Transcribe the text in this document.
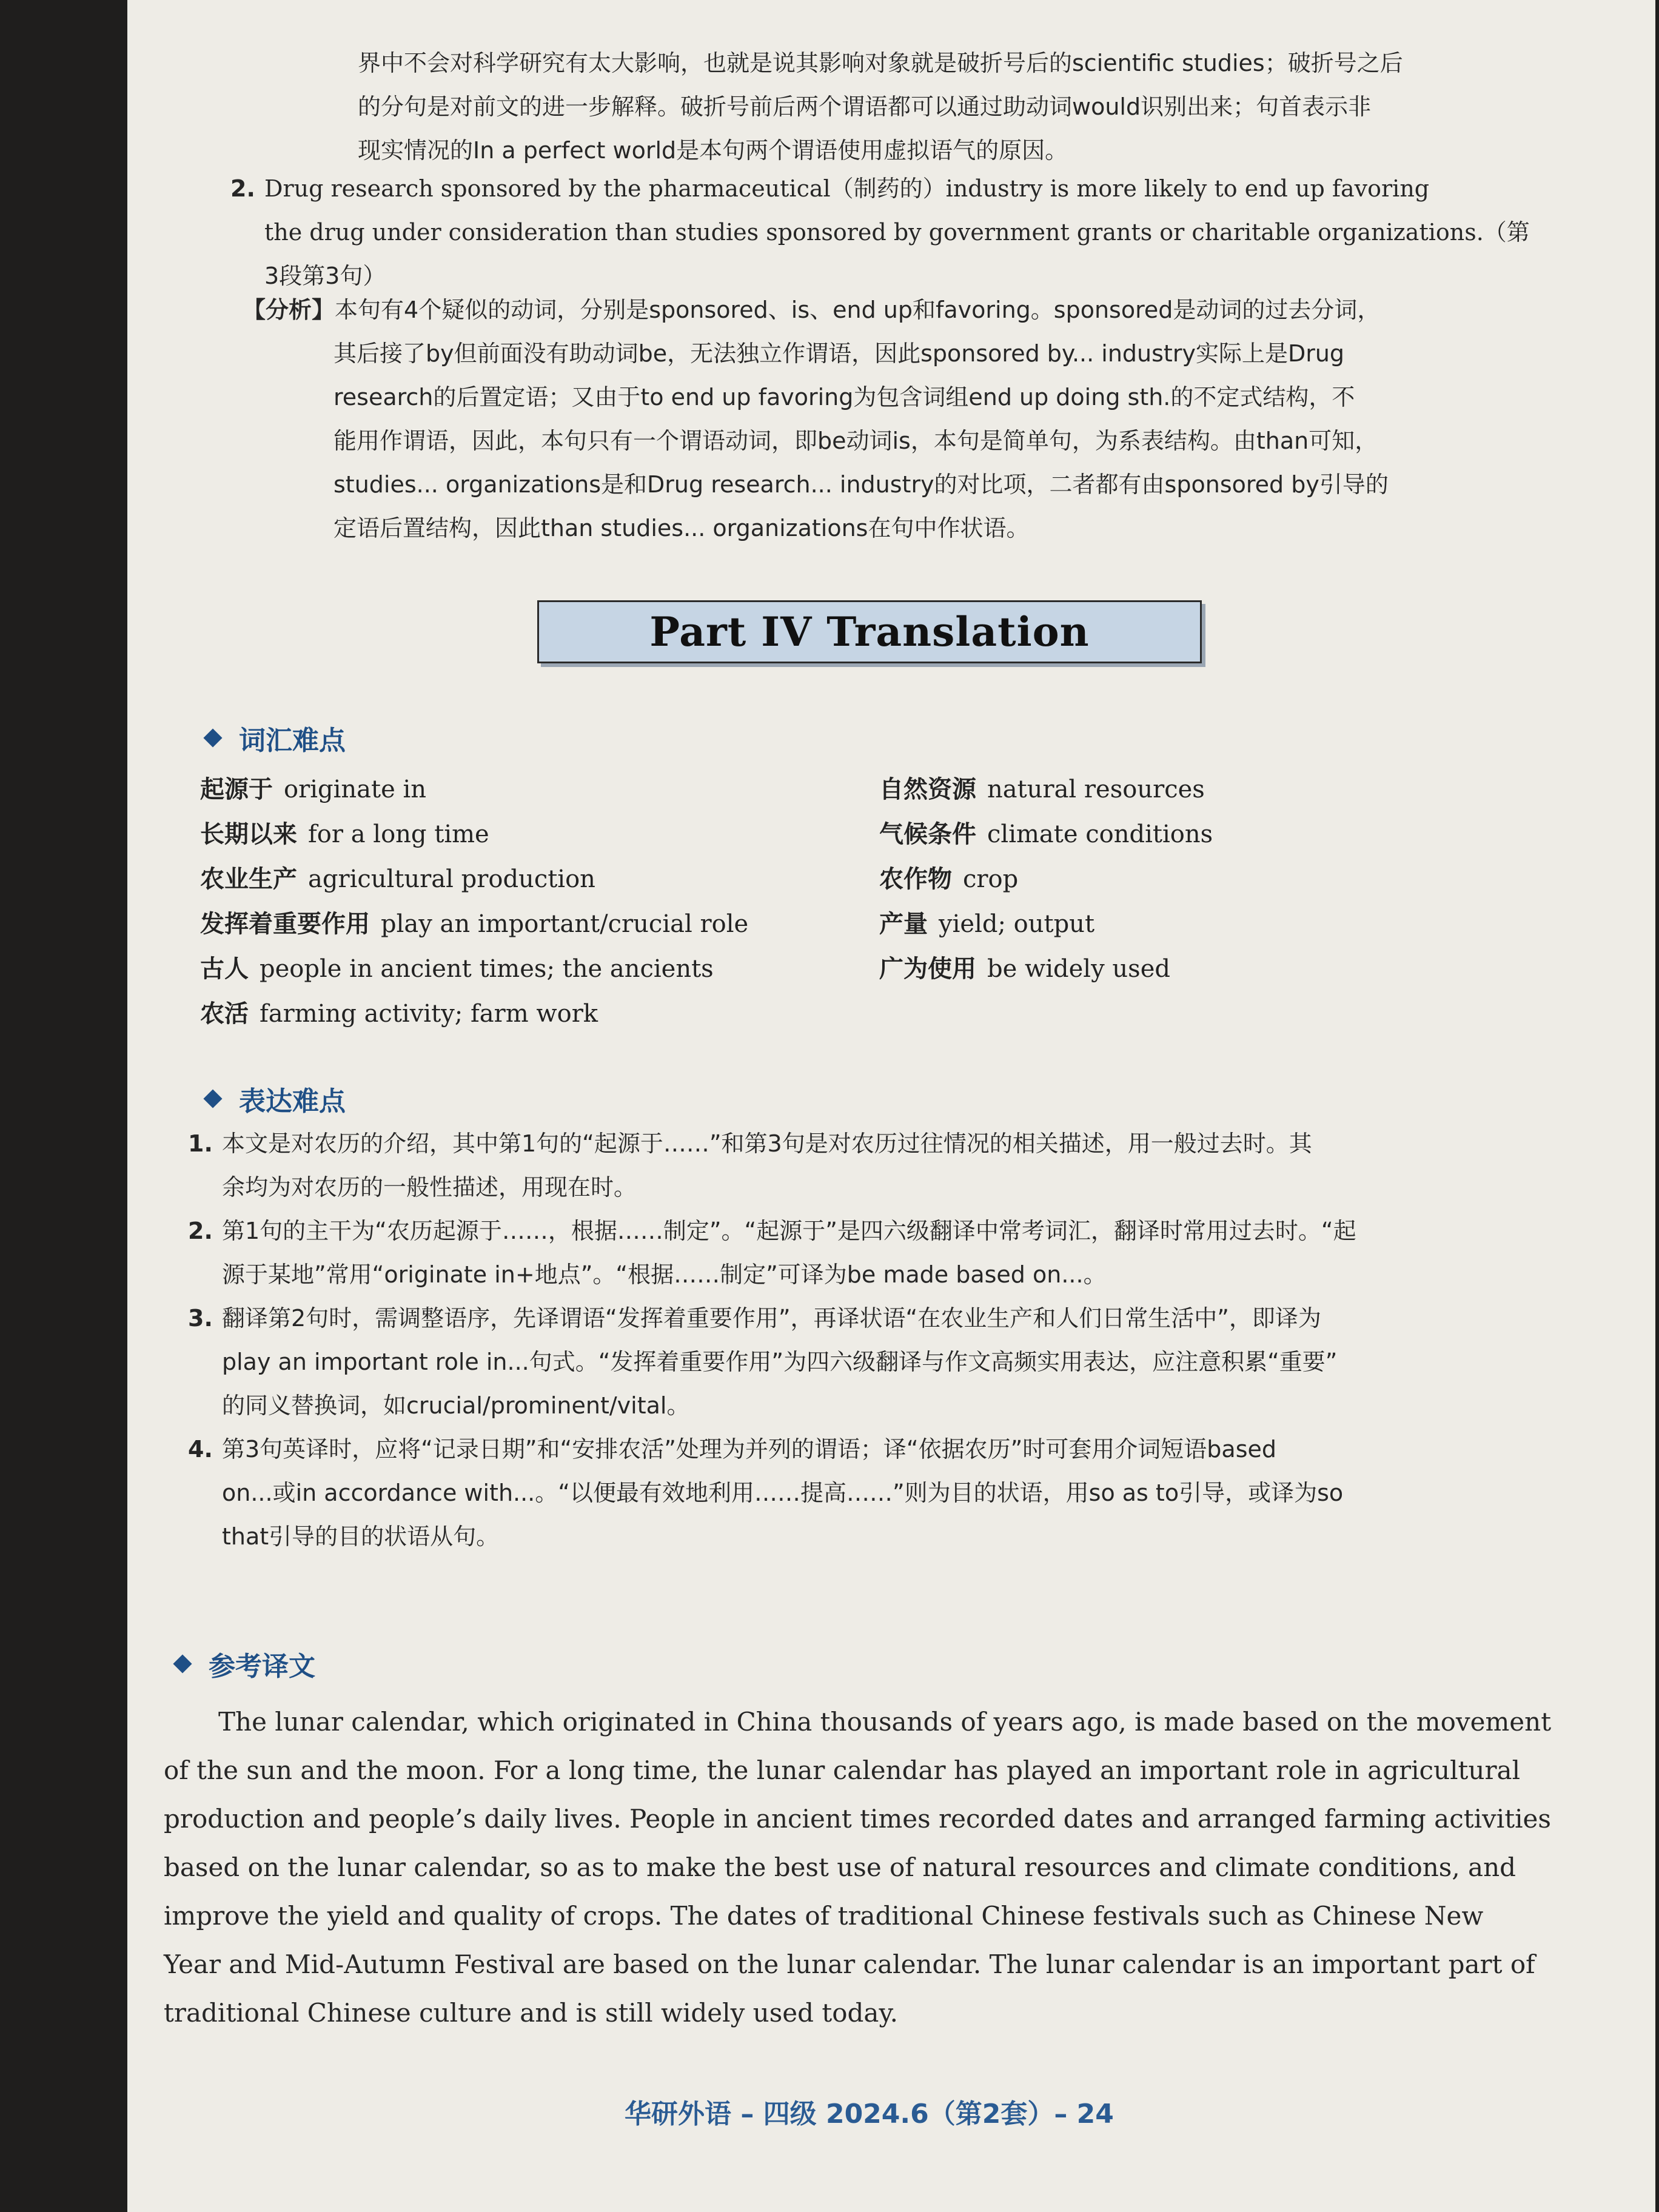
界中不会对科学研究有太大影响，也就是说其影响对象就是破折号后的scientific studies；破折号之后
的分句是对前文的进一步解释。破折号前后两个谓语都可以通过助动词would识别出来；句首表示非
现实情况的In a perfect world是本句两个谓语使用虚拟语气的原因。
2. Drug research sponsored by the pharmaceutical（制药的）industry is more likely to end up favoring
the drug under consideration than studies sponsored by government grants or charitable organizations.（第
3段第3句）
【分析】本句有4个疑似的动词，分别是sponsored、is、end up和favoring。sponsored是动词的过去分词，
其后接了by但前面没有助动词be，无法独立作谓语，因此sponsored by... industry实际上是Drug
research的后置定语；又由于to end up favoring为包含词组end up doing sth.的不定式结构，不
能用作谓语，因此，本句只有一个谓语动词，即be动词is，本句是简单句，为系表结构。由than可知，
studies... organizations是和Drug research... industry的对比项，二者都有由sponsored by引导的
定语后置结构，因此than studies... organizations在句中作状语。
Part IV Translation
词汇难点
起源于 originate in
长期以来 for a long time
农业生产 agricultural production
发挥着重要作用 play an important/crucial role
古人 people in ancient times; the ancients
农活 farming activity; farm work
自然资源 natural resources
气候条件 climate conditions
农作物 crop
产量 yield; output
广为使用 be widely used
表达难点
1. 本文是对农历的介绍，其中第1句的“起源于……”和第3句是对农历过往情况的相关描述，用一般过去时。其
余均为对农历的一般性描述，用现在时。
2. 第1句的主干为“农历起源于……，根据……制定”。“起源于”是四六级翻译中常考词汇，翻译时常用过去时。“起
源于某地”常用“originate in+地点”。“根据……制定”可译为be made based on...。
3. 翻译第2句时，需调整语序，先译谓语“发挥着重要作用”，再译状语“在农业生产和人们日常生活中”，即译为
play an important role in...句式。“发挥着重要作用”为四六级翻译与作文高频实用表达，应注意积累“重要”
的同义替换词，如crucial/prominent/vital。
4. 第3句英译时，应将“记录日期”和“安排农活”处理为并列的谓语；译“依据农历”时可套用介词短语based
on...或in accordance with...。“以便最有效地利用……提高……”则为目的状语，用so as to引导，或译为so
that引导的目的状语从句。
参考译文
The lunar calendar, which originated in China thousands of years ago, is made based on the movement
of the sun and the moon. For a long time, the lunar calendar has played an important role in agricultural
production and people’s daily lives. People in ancient times recorded dates and arranged farming activities
based on the lunar calendar, so as to make the best use of natural resources and climate conditions, and
improve the yield and quality of crops. The dates of traditional Chinese festivals such as Chinese New
Year and Mid-Autumn Festival are based on the lunar calendar. The lunar calendar is an important part of
traditional Chinese culture and is still widely used today.
华研外语 – 四级 2024.6（第2套）– 24
